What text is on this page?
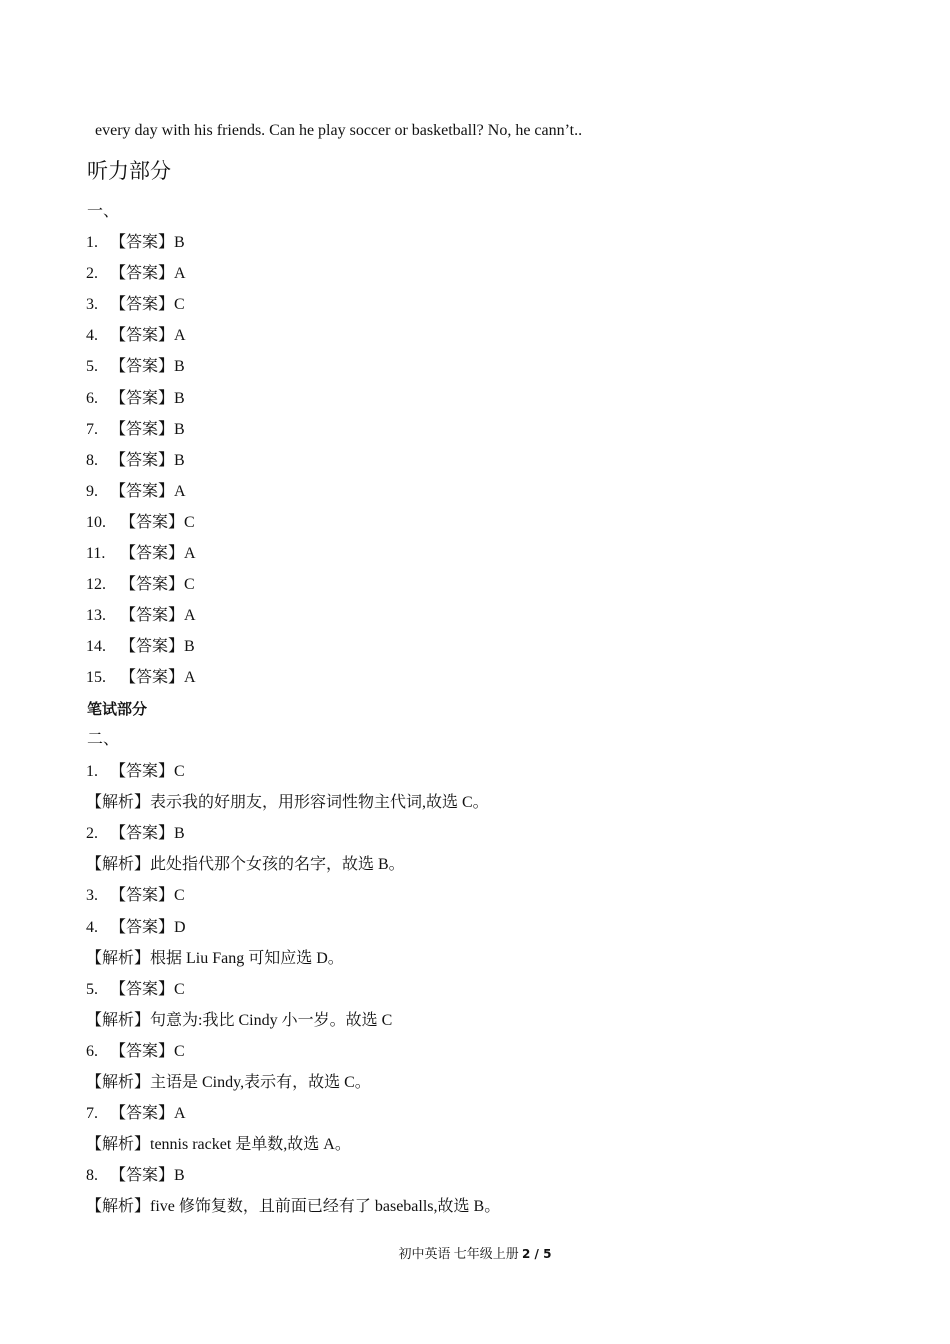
every day with his friends. Can he play soccer or basketball? No, he cann’t..
听力部分
一、
1. 【答案】B
2. 【答案】A
3. 【答案】C
4. 【答案】A
5. 【答案】B
6. 【答案】B
7. 【答案】B
8. 【答案】B
9. 【答案】A
10. 【答案】C
11. 【答案】A
12. 【答案】C
13. 【答案】A
14. 【答案】B
15. 【答案】A
笔试部分
二、
1. 【答案】C
【解析】表示我的好朋友，用形容词性物主代词,故选 C。
2. 【答案】B
【解析】此处指代那个女孩的名字，故选 B。
3. 【答案】C
4. 【答案】D
【解析】根据 Liu Fang 可知应选 D。
5. 【答案】C
【解析】句意为:我比 Cindy 小一岁。故选 C
6. 【答案】C
【解析】主语是 Cindy,表示有，故选 C。
7. 【答案】A
【解析】tennis racket 是单数,故选 A。
8. 【答案】B
【解析】five 修饰复数，且前面已经有了 baseballs,故选 B。
初中英语 七年级上册 2 / 5
